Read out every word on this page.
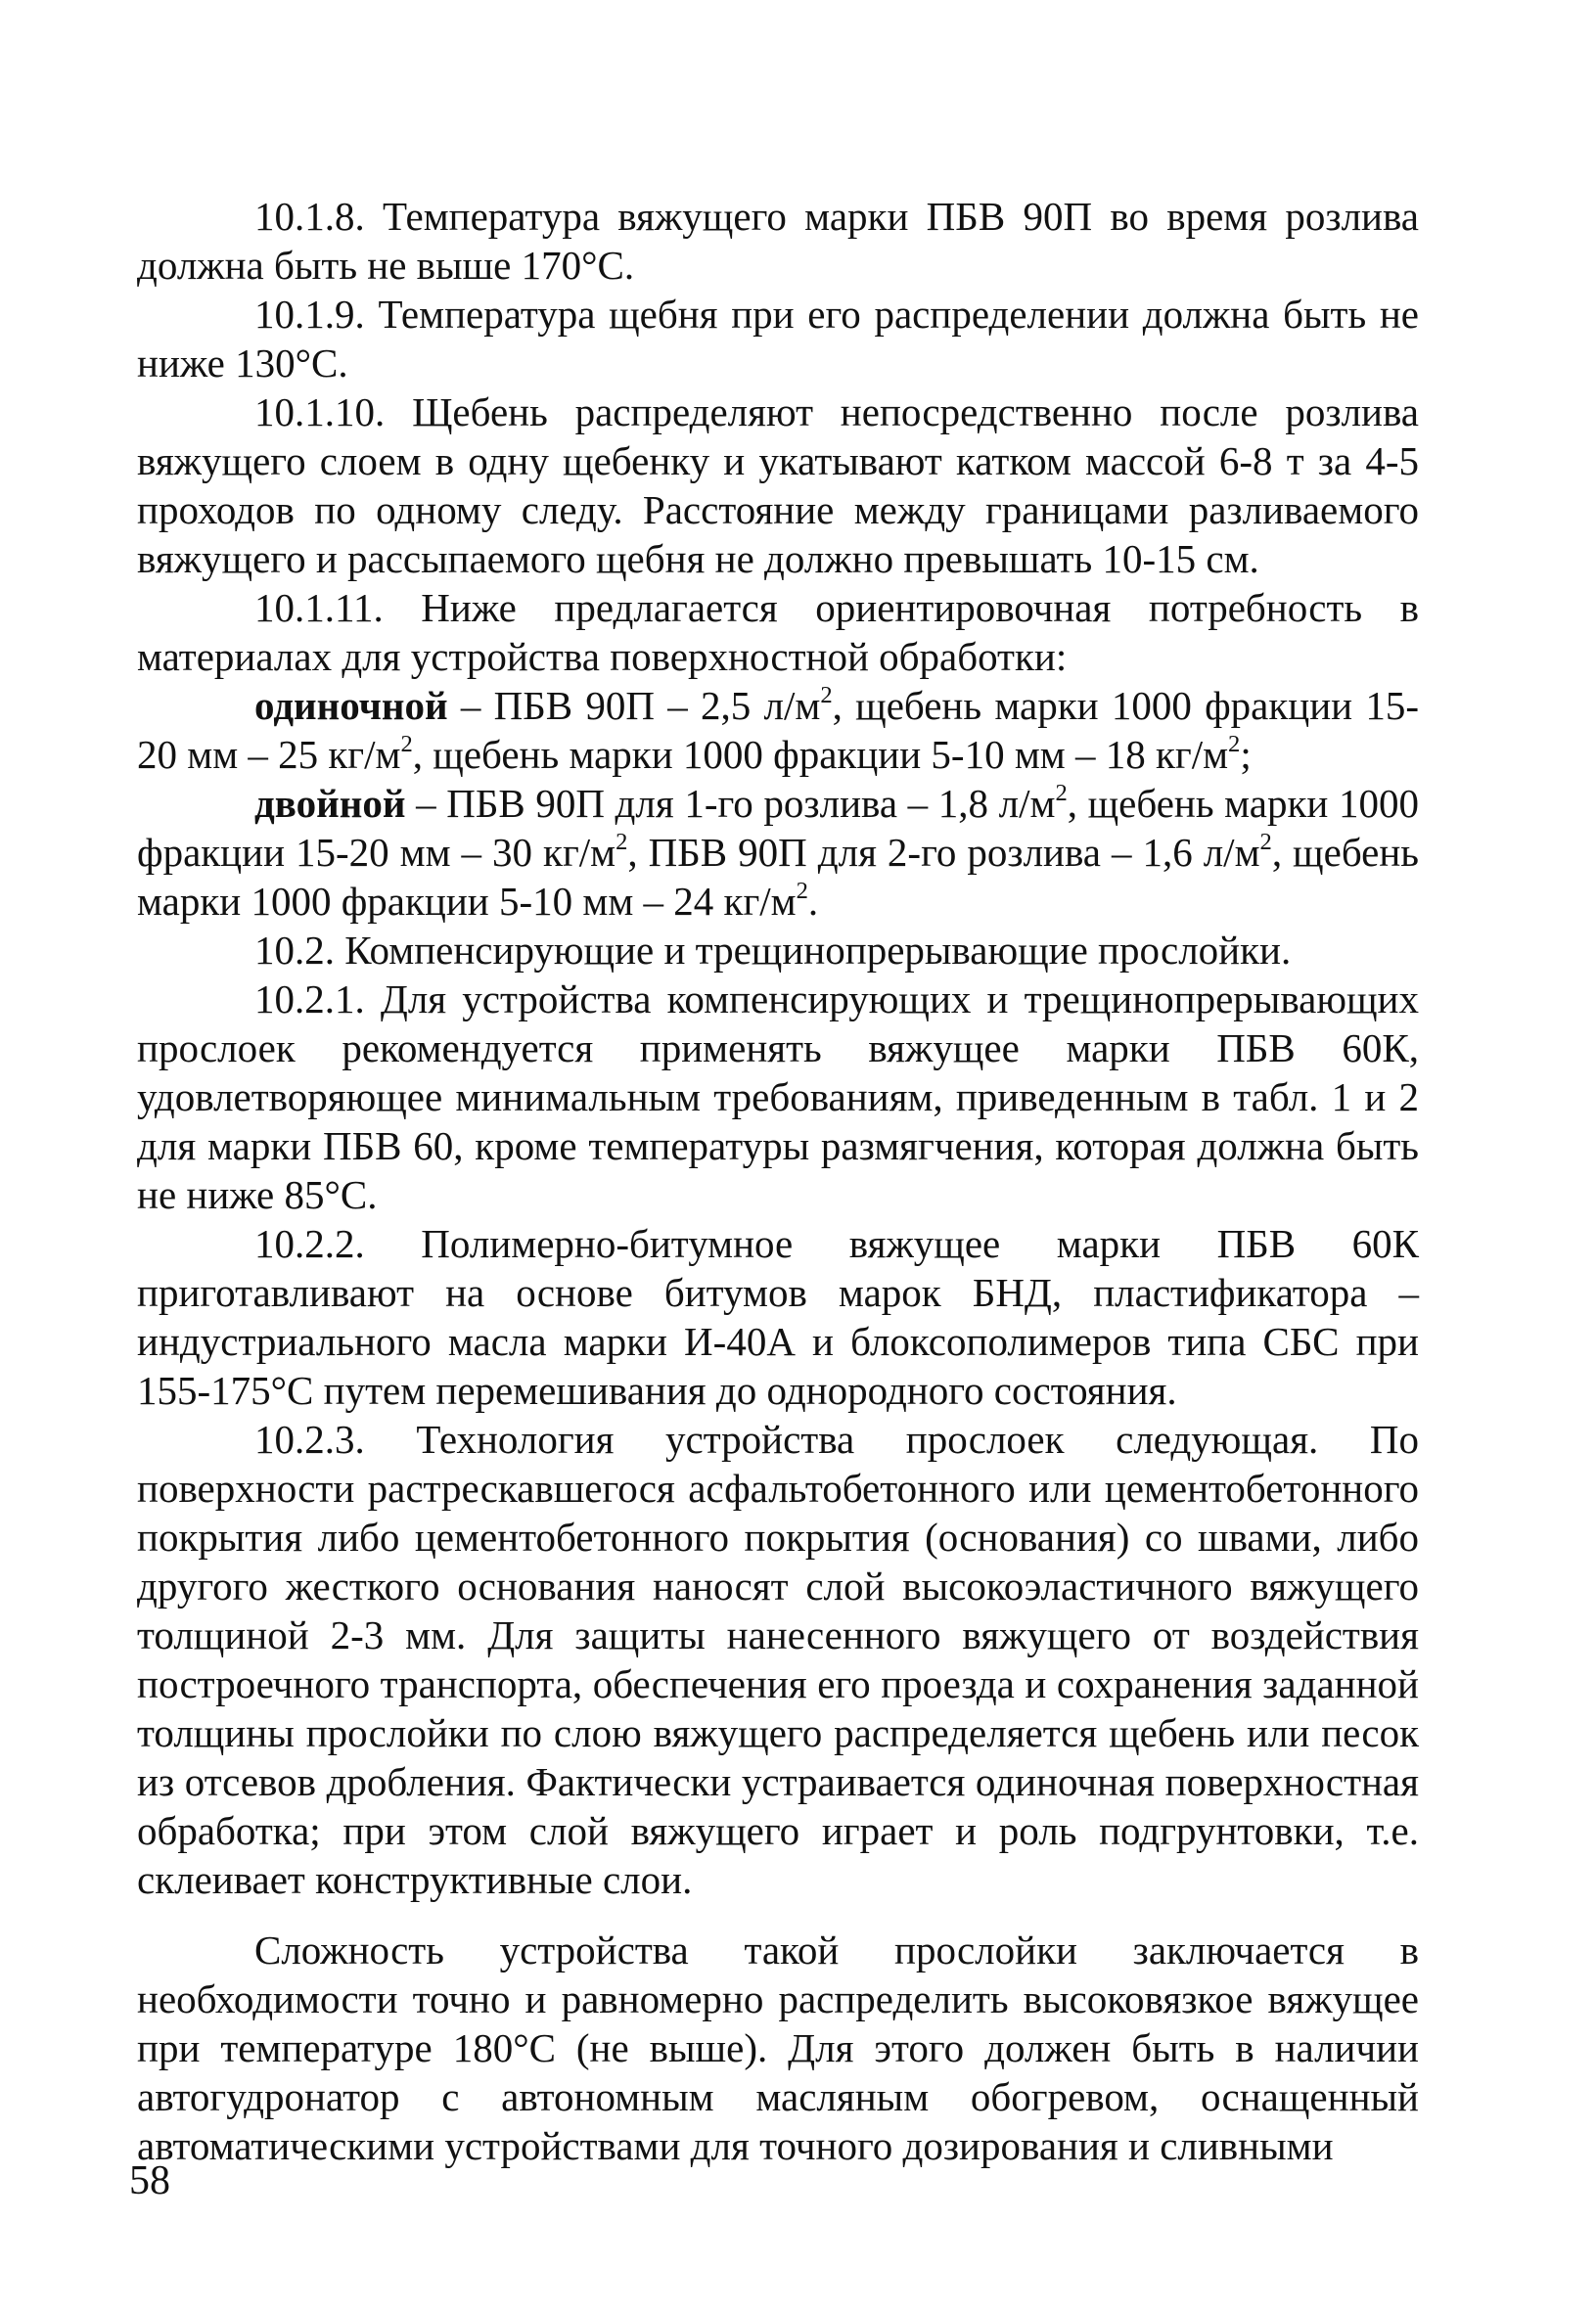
10.1.8. Температура вяжущего марки ПБВ 90П во время розлива должна быть не выше 170°С.

10.1.9. Температура щебня при его распределении должна быть не ниже 130°С.

10.1.10. Щебень распределяют непосредственно после розлива вяжущего слоем в одну щебенку и укатывают катком массой 6-8 т за 4-5 проходов по одному следу. Расстояние между границами разливаемого вяжущего и рассыпаемого щебня не должно превышать 10-15 см.

10.1.11. Ниже предлагается ориентировочная потребность в материалах для устройства поверхностной обработки:

одиночной – ПБВ 90П – 2,5 $л/м^2$, щебень марки 1000 фракции 15-20 мм – 25 $кг/м^2$, щебень марки 1000 фракции 5-10 мм – 18 $кг/м^2$;

двойной – ПБВ 90П для 1-го розлива – 1,8 $л/м^2$, щебень марки 1000 фракции 15-20 мм – 30 $кг/м^2$, ПБВ 90П для 2-го розлива – 1,6 $л/м^2$, щебень марки 1000 фракции 5-10 мм – 24 $кг/м^2$.

10.2. Компенсирующие и трещинопрерывающие прослойки.

10.2.1. Для устройства компенсирующих и трещинопрерывающих прослоек рекомендуется применять вяжущее марки ПБВ 60К, удовлетворяющее минимальным требованиям, приведенным в табл. 1 и 2 для марки ПБВ 60, кроме температуры размягчения, которая должна быть не ниже 85°С.

10.2.2. Полимерно-битумное вяжущее марки ПБВ 60К приготавливают на основе битумов марок БНД, пластификатора – индустриального масла марки И-40А и блоксополимеров типа СБС при 155-175°С путем перемешивания до однородного состояния.

10.2.3. Технология устройства прослоек следующая. По поверхности растрескавшегося асфальтобетонного или цементобетонного покрытия либо цементобетонного покрытия (основания) со швами, либо другого жесткого основания наносят слой высокоэластичного вяжущего толщиной 2-3 мм. Для защиты нанесенного вяжущего от воздействия построечного транспорта, обеспечения его проезда и сохранения заданной толщины прослойки по слою вяжущего распределяется щебень или песок из отсевов дробления. Фактически устраивается одиночная поверхностная обработка; при этом слой вяжущего играет и роль подгрунтовки, т.е. склеивает конструктивные слои.

Сложность устройства такой прослойки заключается в необходимости точно и равномерно распределить высоковязкое вяжущее при температуре 180°С (не выше). Для этого должен быть в наличии автогудронатор с автономным масляным обогревом, оснащенный автоматическими устройствами для точного дозирования и сливными

58
